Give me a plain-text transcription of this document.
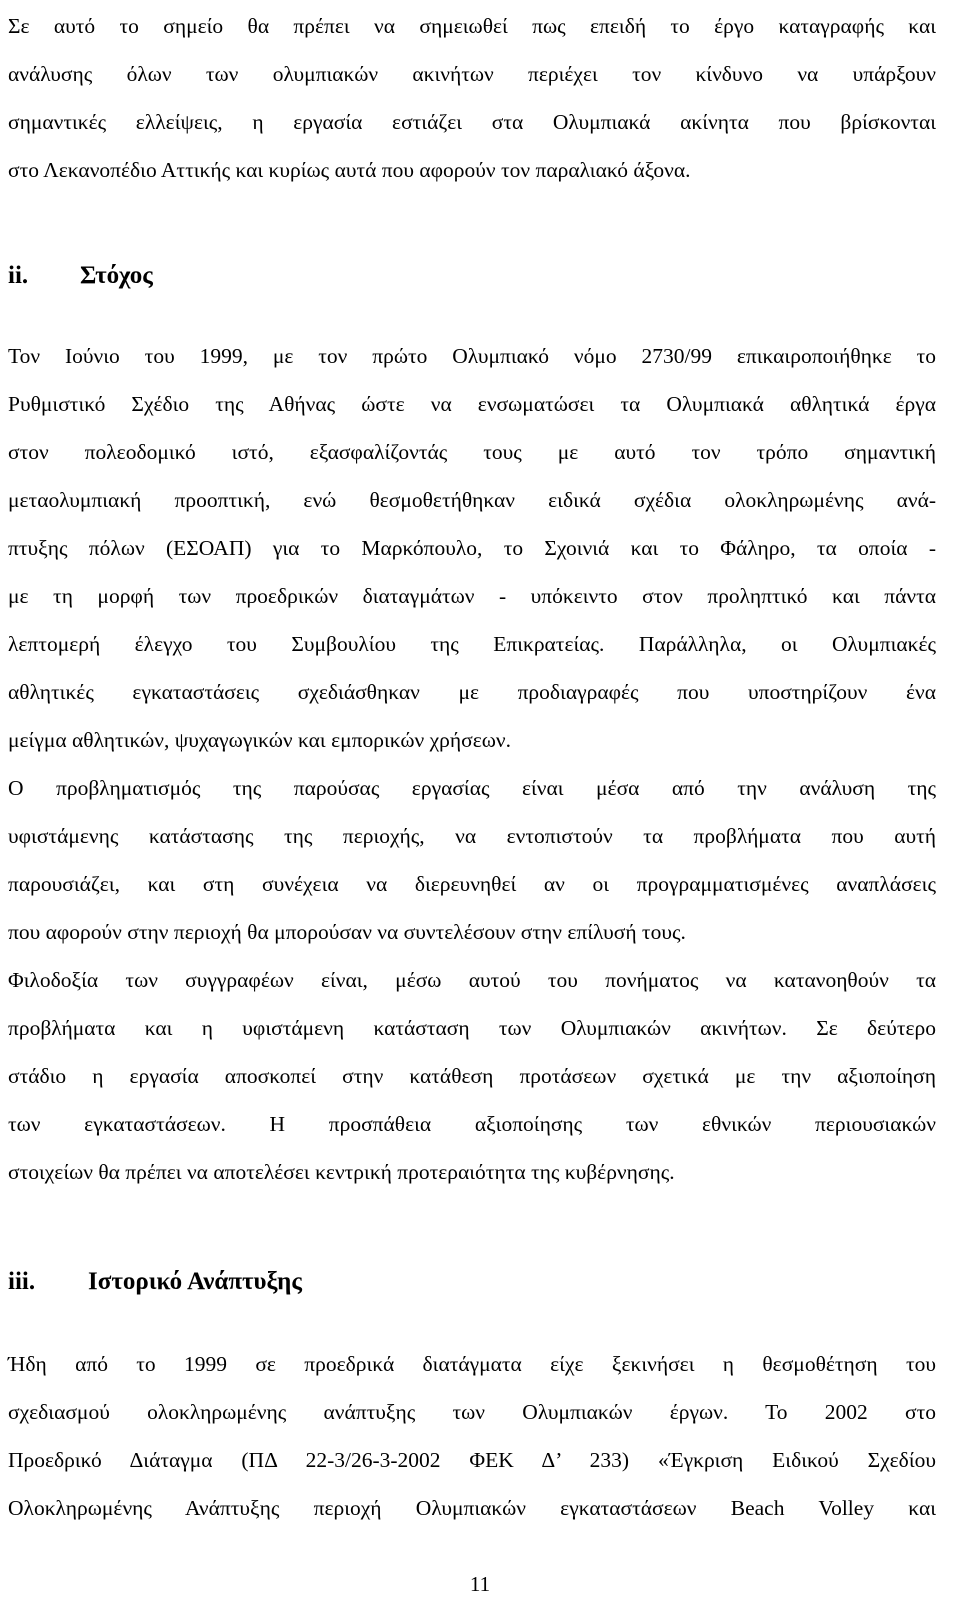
Σε αυτό το σημείο θα πρέπει να σημειωθεί πως επειδή το έργο καταγραφής και
ανάλυσης όλων των ολυμπιακών ακινήτων περιέχει τον κίνδυνο να υπάρξουν
σημαντικές ελλείψεις, η εργασία εστιάζει στα Ολυμπιακά ακίνητα που βρίσκονται
στο Λεκανοπέδιο Αττικής και κυρίως αυτά που αφορούν τον παραλιακό άξονα.

ii. Στόχος

Τον Ιούνιο του 1999, με τον πρώτο Ολυμπιακό νόμο 2730/99 επικαιροποιήθηκε το
Ρυθμιστικό Σχέδιο της Αθήνας ώστε να ενσωματώσει τα Ολυμπιακά αθλητικά έργα
στον πολεοδομικό ιστό, εξασφαλίζοντάς τους με αυτό τον τρόπο σημαντική
μεταολυμπιακή προοπτική, ενώ θεσμοθετήθηκαν ειδικά σχέδια ολοκληρωμένης ανά-
πτυξης πόλων (ΕΣΟΑΠ) για το Μαρκόπουλο, το Σχοινιά και το Φάληρο, τα οποία -
με τη μορφή των προεδρικών διαταγμάτων - υπόκειντο στον προληπτικό και πάντα
λεπτομερή έλεγχο του Συμβουλίου της Επικρατείας. Παράλληλα, οι Ολυμπιακές
αθλητικές εγκαταστάσεις σχεδιάσθηκαν με προδιαγραφές που υποστηρίζουν ένα
μείγμα αθλητικών, ψυχαγωγικών και εμπορικών χρήσεων.

Ο προβληματισμός της παρούσας εργασίας είναι μέσα από την ανάλυση της
υφιστάμενης κατάστασης της περιοχής, να εντοπιστούν τα προβλήματα που αυτή
παρουσιάζει, και στη συνέχεια να διερευνηθεί αν οι προγραμματισμένες αναπλάσεις
που αφορούν στην περιοχή θα μπορούσαν να συντελέσουν στην επίλυσή τους.

Φιλοδοξία των συγγραφέων είναι, μέσω αυτού του πονήματος να κατανοηθούν τα
προβλήματα και η υφιστάμενη κατάσταση των Ολυμπιακών ακινήτων. Σε δεύτερο
στάδιο η εργασία αποσκοπεί στην κατάθεση προτάσεων σχετικά με την αξιοποίηση
των εγκαταστάσεων. Η προσπάθεια αξιοποίησης των εθνικών περιουσιακών
στοιχείων θα πρέπει να αποτελέσει κεντρική προτεραιότητα της κυβέρνησης.

iii. Ιστορικό Ανάπτυξης

Ήδη από το 1999 σε προεδρικά διατάγματα είχε ξεκινήσει η θεσμοθέτηση του
σχεδιασμού ολοκληρωμένης ανάπτυξης των Ολυμπιακών έργων. Το 2002 στο
Προεδρικό Διάταγμα (ΠΔ 22-3/26-3-2002 ΦΕΚ Δ’ 233) «Έγκριση Ειδικού Σχεδίου
Ολοκληρωμένης Ανάπτυξης περιοχή Ολυμπιακών εγκαταστάσεων Beach Volley και

11
